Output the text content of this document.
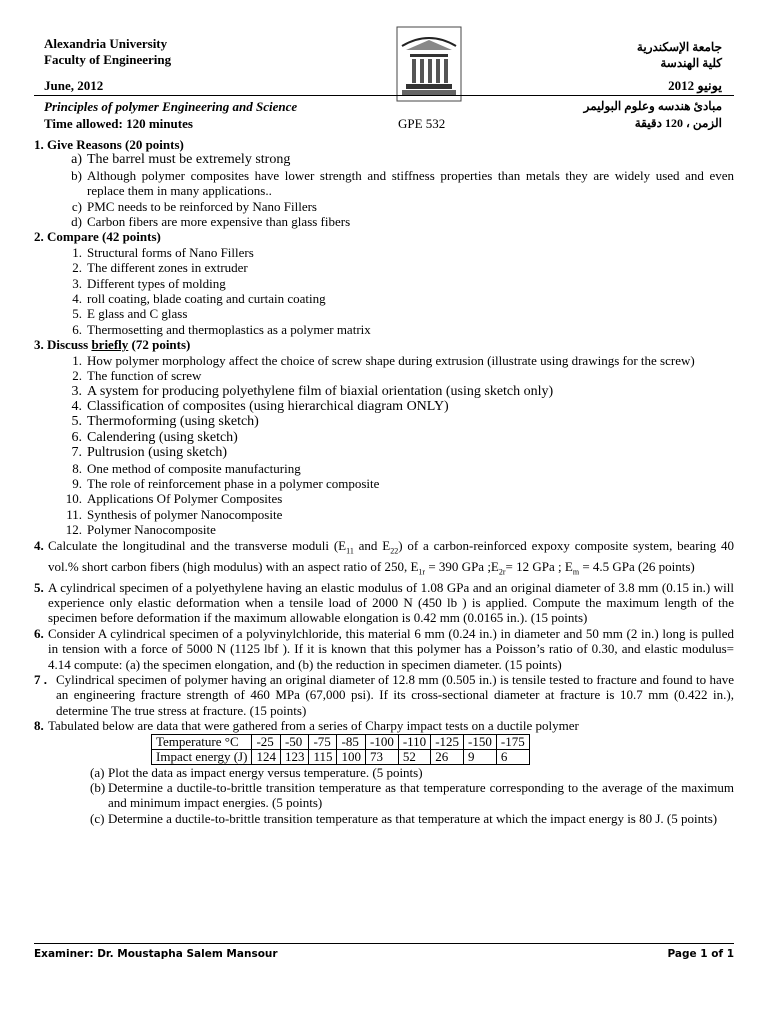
Alexandria University
Faculty of Engineering
June, 2012
Principles of polymer Engineering and Science
Time allowed: 120 minutes	GPE 532
جامعة الإسكندرية
كلية الهندسة
يونيو 2012
مبادئ هندسه وعلوم البوليمر
الزمن ، 120 دقيقة

1. Give Reasons (20 points)

a) The barrel must be extremely strong
b) Although polymer composites have lower strength and stiffness properties than metals they are widely used and even replace them in many applications..
c) PMC needs to be reinforced by Nano Fillers
d) Carbon fibers are more expensive than glass fibers

2. Compare (42 points)

1. Structural forms of Nano Fillers
2. The different zones in extruder
3. Different types of molding
4. roll coating, blade coating and curtain coating
5. E glass and C glass
6. Thermosetting and thermoplastics as a polymer matrix

3. Discuss briefly (72 points)

1. How polymer morphology affect the choice of screw shape during extrusion (illustrate using drawings for the screw)
2. The function of screw
3. A system for producing polyethylene film of biaxial orientation (using sketch only)
4. Classification of composites (using hierarchical diagram ONLY)
5. Thermoforming (using sketch)
6. Calendering (using sketch)
7. Pultrusion (using sketch)
8. One method of composite manufacturing
9. The role of reinforcement phase in a polymer composite
10. Applications Of Polymer Composites
11. Synthesis of polymer Nanocomposite
12. Polymer Nanocomposite
4. Calculate the longitudinal and the transverse moduli ($E_{11}$ and $E_{22}$) of a carbon-reinforced expoxy composite system, bearing 40 vol.% short carbon fibers (high modulus) with an aspect ratio of 250, $E_{1r} = 390$ GPa $;E_{2r}= 12$ GPa ; $E_m = 4.5$ GPa (26 points)
5. A cylindrical specimen of a polyethylene having an elastic modulus of 1.08 GPa and an original diameter of 3.8 mm (0.15 in.) will experience only elastic deformation when a tensile load of 2000 N (450 lb ) is applied. Compute the maximum length of the specimen before deformation if the maximum allowable elongation is 0.42 mm (0.0165 in.). (15 points)
6. Consider A cylindrical specimen of a polyvinylchloride, this material 6 mm (0.24 in.) in diameter and 50 mm (2 in.) long is pulled in tension with a force of 5000 N (1125 lbf ). If it is known that this polymer has a Poisson’s ratio of 0.30, and elastic modulus= 4.14 compute: (a) the specimen elongation, and (b) the reduction in specimen diameter. (15 points)
7 . Cylindrical specimen of polymer having an original diameter of 12.8 mm (0.505 in.) is tensile tested to fracture and found to have an engineering fracture strength of 460 MPa (67,000 psi). If its cross-sectional diameter at fracture is 10.7 mm (0.422 in.), determine The true stress at fracture. (15 points)
8. Tabulated below are data that were gathered from a series of Charpy impact tests on a ductile polymer
Temperature °C	-25	-50	-75	-85	-100	-110	-125	-150	-175
Impact energy (J)	124	123	115	100	73	52	26	9	6
(a) Plot the data as impact energy versus temperature. (5 points)
(b) Determine a ductile-to-brittle transition temperature as that temperature corresponding to the average of the maximum and minimum impact energies. (5 points)
(c) Determine a ductile-to-brittle transition temperature as that temperature at which the impact energy is 80 J. (5 points)
Examiner: Dr. Moustapha Salem Mansour	Page 1 of 1
